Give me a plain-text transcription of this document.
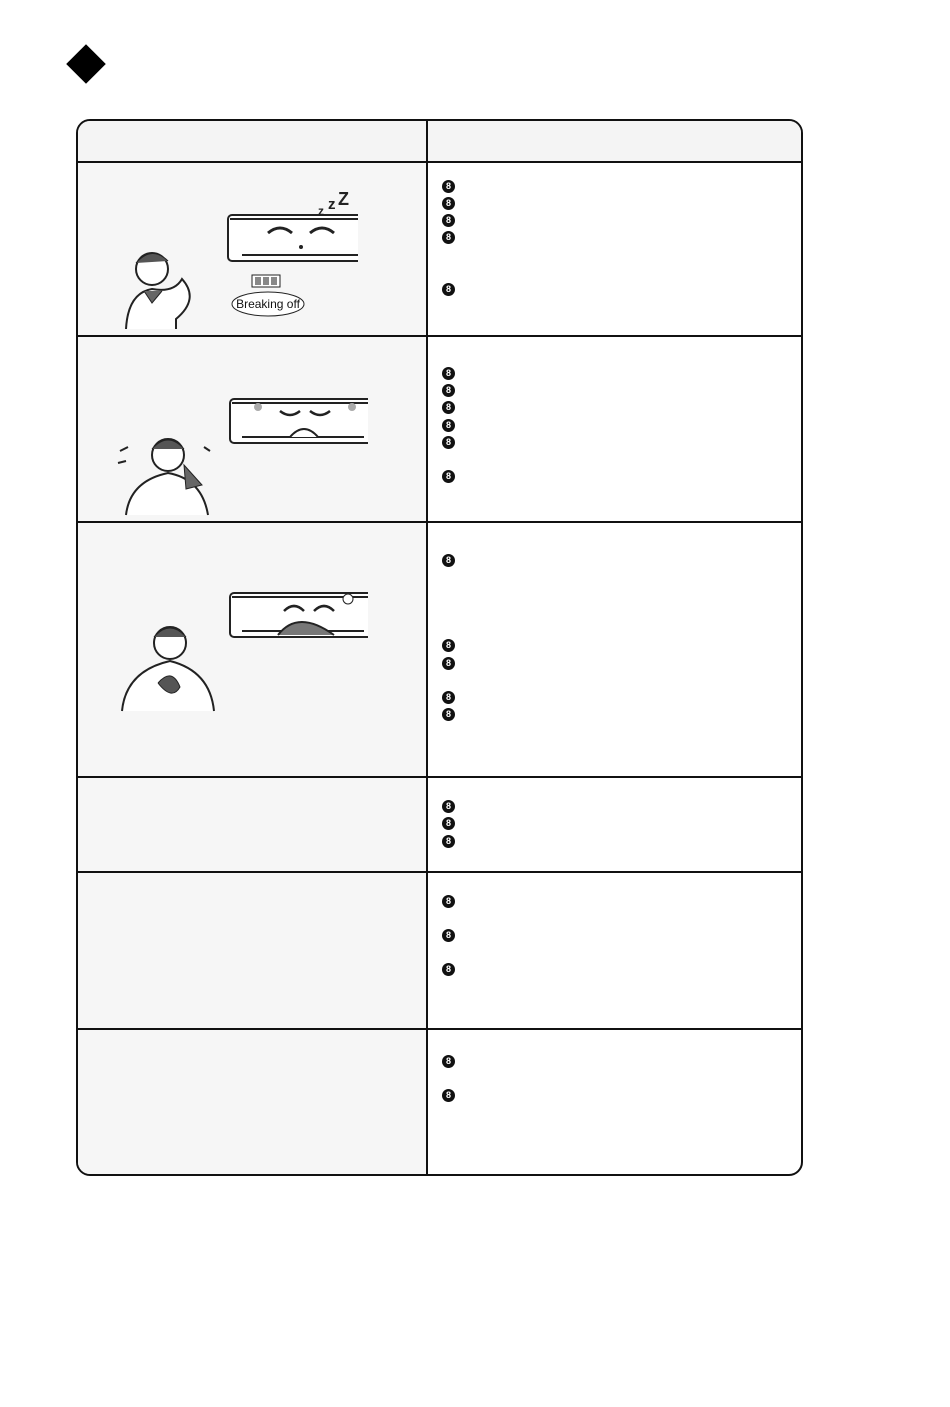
z z Z
Breaking off
8
8
8
8
8
8
8
8
8
8
8
8
8
8
8
8
8
8
8
8
8
8
8
8
